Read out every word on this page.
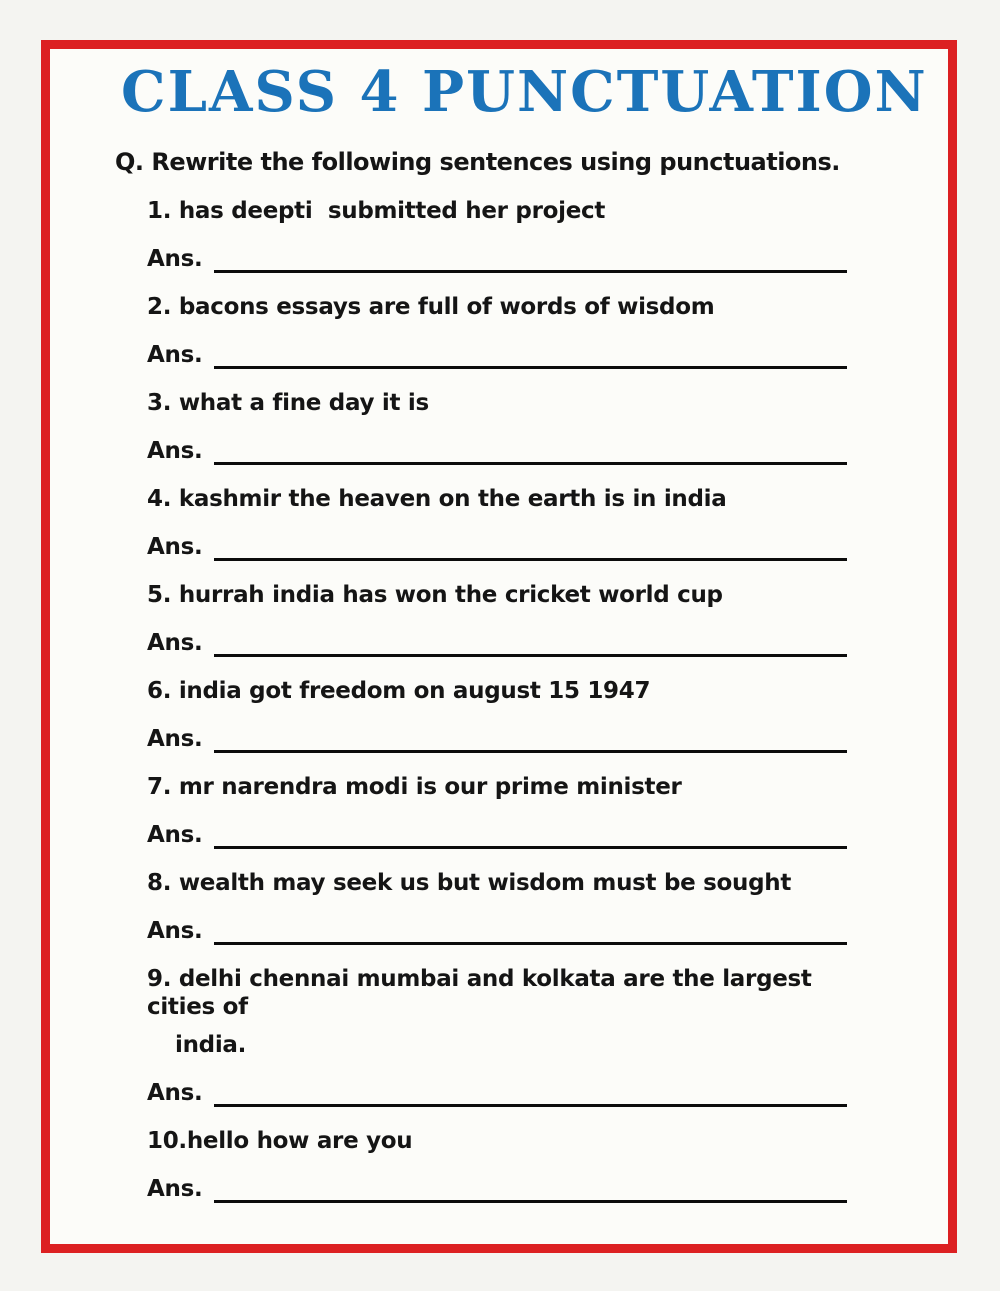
CLASS 4 PUNCTUATION
Q. Rewrite the following sentences using punctuations.
1. has deepti  submitted her project
Ans.
2. bacons essays are full of words of wisdom
Ans.
3. what a fine day it is
Ans.
4. kashmir the heaven on the earth is in india
Ans.
5. hurrah india has won the cricket world cup
Ans.
6. india got freedom on august 15 1947
Ans.
7. mr narendra modi is our prime minister
Ans.
8. wealth may seek us but wisdom must be sought
Ans.
9. delhi chennai mumbai and kolkata are the largest cities of
india.
Ans.
10.hello how are you
Ans.
